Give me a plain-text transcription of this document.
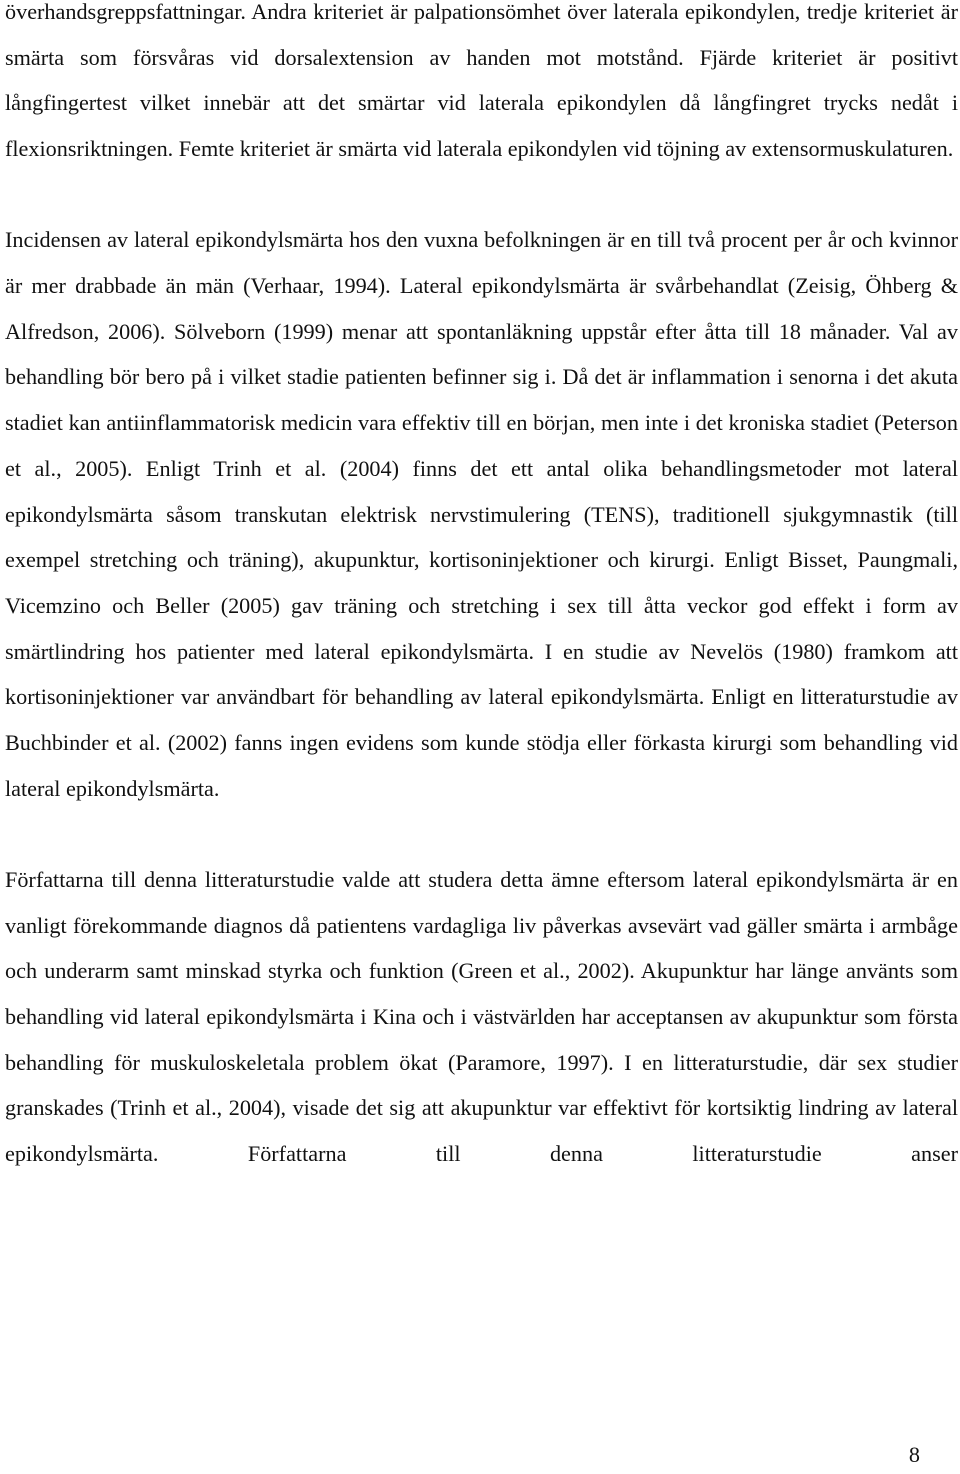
överhandsgreppsfattningar. Andra kriteriet är palpationsömhet över laterala epikondylen, tredje kriteriet är smärta som försvåras vid dorsalextension av handen mot motstånd. Fjärde kriteriet är positivt långfingertest vilket innebär att det smärtar vid laterala epikondylen då långfingret trycks nedåt i flexionsriktningen. Femte kriteriet är smärta vid laterala epikondylen vid töjning av extensormuskulaturen.

Incidensen av lateral epikondylsmärta hos den vuxna befolkningen är en till två procent per år och kvinnor är mer drabbade än män (Verhaar, 1994). Lateral epikondylsmärta är svårbehandlat (Zeisig, Öhberg & Alfredson, 2006). Sölveborn (1999) menar att spontanläkning uppstår efter åtta till 18 månader. Val av behandling bör bero på i vilket stadie patienten befinner sig i. Då det är inflammation i senorna i det akuta stadiet kan antiinflammatorisk medicin vara effektiv till en början, men inte i det kroniska stadiet (Peterson et al., 2005). Enligt Trinh et al. (2004) finns det ett antal olika behandlingsmetoder mot lateral epikondylsmärta såsom transkutan elektrisk nervstimulering (TENS), traditionell sjukgymnastik (till exempel stretching och träning), akupunktur, kortisoninjektioner och kirurgi. Enligt Bisset, Paungmali, Vicemzino och Beller (2005) gav träning och stretching i sex till åtta veckor god effekt i form av smärtlindring hos patienter med lateral epikondylsmärta. I en studie av Nevelös (1980) framkom att kortisoninjektioner var användbart för behandling av lateral epikondylsmärta. Enligt en litteraturstudie av Buchbinder et al. (2002) fanns ingen evidens som kunde stödja eller förkasta kirurgi som behandling vid lateral epikondylsmärta.

Författarna till denna litteraturstudie valde att studera detta ämne eftersom lateral epikondylsmärta är en vanligt förekommande diagnos då patientens vardagliga liv påverkas avsevärt vad gäller smärta i armbåge och underarm samt minskad styrka och funktion (Green et al., 2002). Akupunktur har länge använts som behandling vid lateral epikondylsmärta i Kina och i västvärlden har acceptansen av akupunktur som första behandling för muskuloskeletala problem ökat (Paramore, 1997). I en litteraturstudie, där sex studier granskades (Trinh et al., 2004), visade det sig att akupunktur var effektivt för kortsiktig lindring av lateral epikondylsmärta. Författarna till denna litteraturstudie anser

8
